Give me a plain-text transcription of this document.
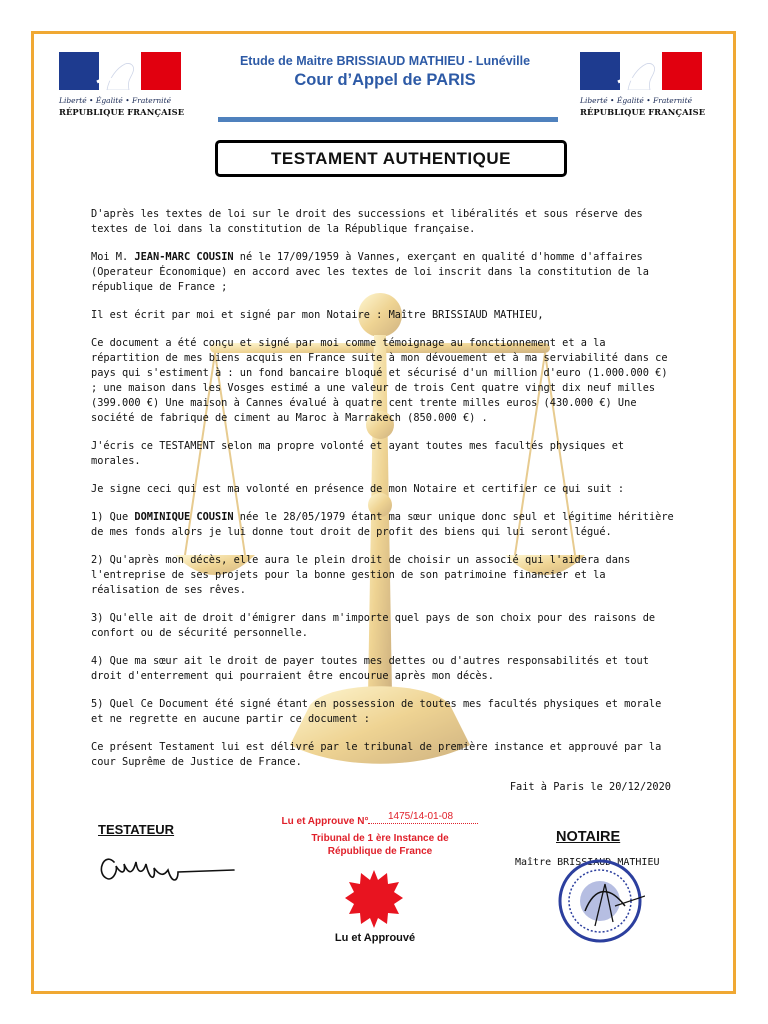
Liberté • Égalité • Fraternité
RÉPUBLIQUE FRANÇAISE
Liberté • Égalité • Fraternité
RÉPUBLIQUE FRANÇAISE
Etude de Maitre BRISSIAUD MATHIEU - Lunéville
Cour d’Appel de PARIS
TESTAMENT AUTHENTIQUE

D'après les textes de loi sur le droit des successions et libéralités et sous réserve des textes de loi dans la constitution de la République française.

Moi M. JEAN-MARC COUSIN né le 17/09/1959 à Vannes, exerçant en qualité d'homme d'affaires (Operateur Économique) en accord avec les textes de loi inscrit dans la constitution de la république de France ;

Il est écrit par moi et signé par mon Notaire : Maître BRISSIAUD MATHIEU,

Ce document a été conçu et signé par moi comme témoignage au fonctionnement et a la répartition de mes biens acquis en France suite à mon dévouement et à ma serviabilité dans ce pays qui s'estiment à : un fond bancaire bloqué et sécurisé d'un million d'euro (1.000.000 €) ; une maison dans les Vosges estimé a une valeur de trois Cent quatre vingt dix neuf milles (399.000 €) Une maison à Cannes évalué à quatre cent trente milles euros (430.000 €) Une société de fabrique de ciment au Maroc à Marrakech (850.000 €) .

J'écris ce TESTAMENT selon ma propre volonté et ayant toutes mes facultés physiques et morales.

Je signe ceci qui est ma volonté en présence de mon Notaire et certifier ce qui suit :

1) Que DOMINIQUE COUSIN née le 28/05/1979 étant ma sœur unique donc seul et légitime héritière de mes fonds alors je lui donne tout droit de profit des biens qui lui seront légué.

2) Qu'après mon décès, elle aura le plein droit de choisir un associé qui l'aidera dans l'entreprise de ses projets pour la bonne gestion de son patrimoine financier et la réalisation de ses rêves.

3) Qu'elle ait de droit d'émigrer dans m'importe quel pays de son choix pour des raisons de confort ou de sécurité personnelle.

4) Que ma sœur ait le droit de payer toutes mes dettes ou d'autres responsabilités et tout droit d'enterrement qui pourraient être encourue après mon décès.

5) Quel Ce Document été signé étant en possession de toutes mes facultés physiques et morale et ne regrette en aucune partir ce document :

Ce présent Testament lui est délivré par le tribunal de première instance et approuvé par la cour Suprême de Justice de France.

Fait à Paris le 20/12/2020
TESTATEUR
Lu et Approuve N° 1475/14-01-08
Tribunal de 1 ère Instance de
République de France
Lu et Approuvé
NOTAIRE
Maître BRISSIAUD MATHIEU
